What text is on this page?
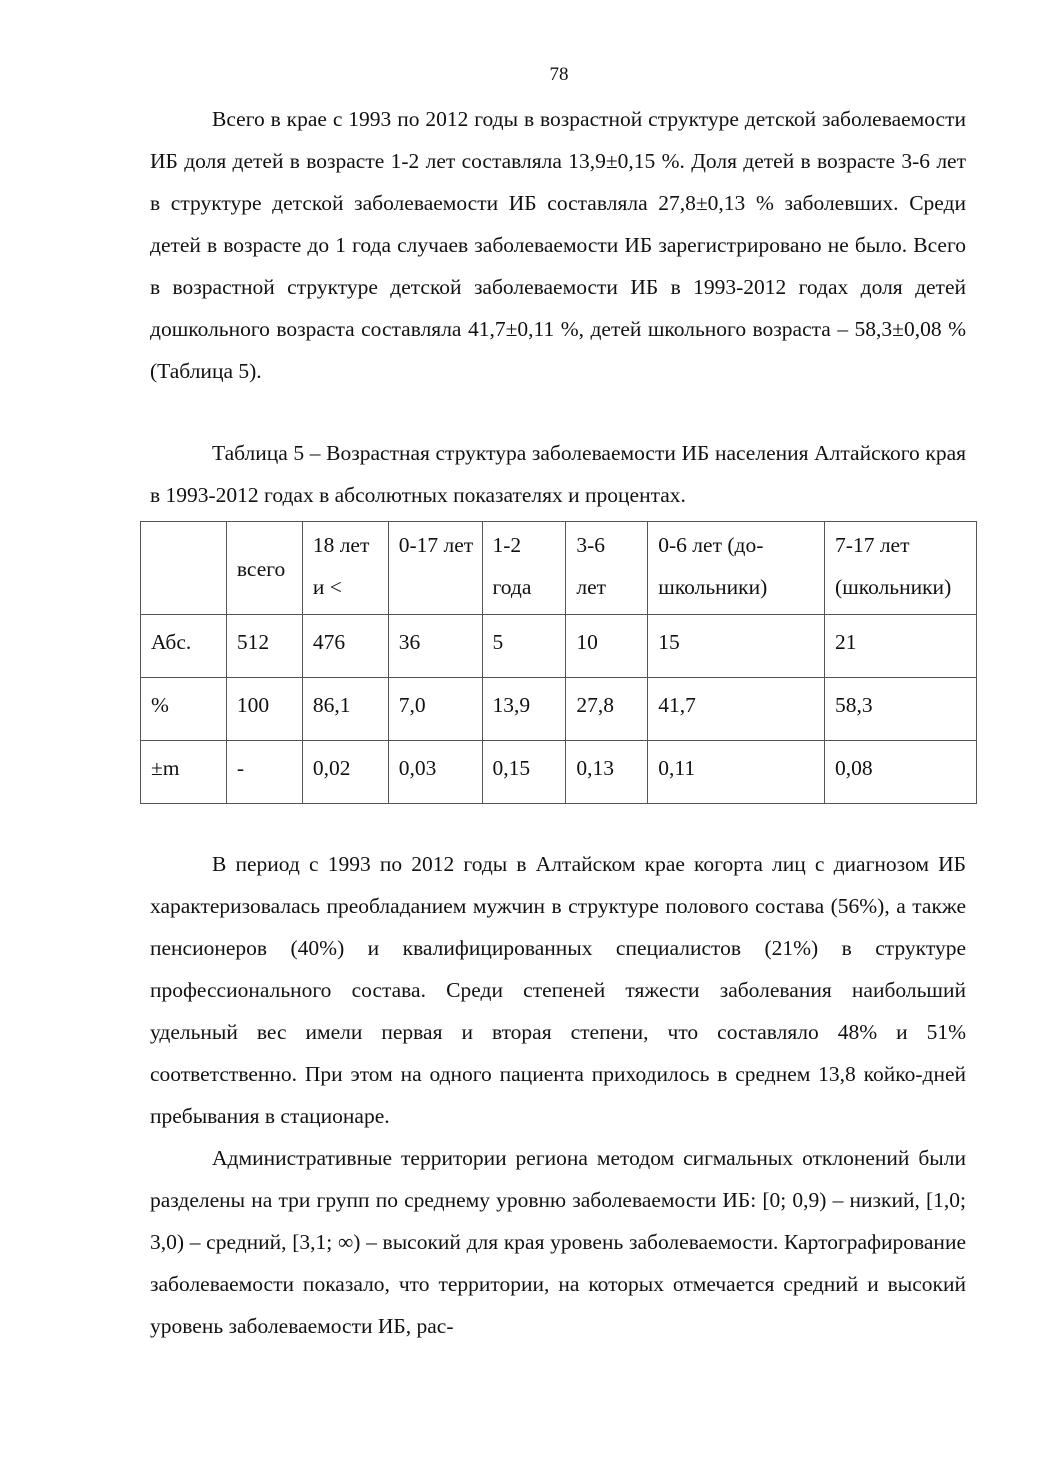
78

Всего в крае с 1993 по 2012 годы в возрастной структуре детской заболеваемости ИБ доля детей в возрасте 1-2 лет составляла 13,9±0,15 %. Доля детей в возрасте 3-6 лет в структуре детской заболеваемости ИБ составляла 27,8±0,13 % заболевших. Среди детей в возрасте до 1 года случаев заболеваемости ИБ зарегистрировано не было. Всего в возрастной структуре детской заболеваемости ИБ в 1993-2012 годах доля детей дошкольного возраста составляла 41,7±0,11 %, детей школьного возраста – 58,3±0,08 % (Таблица 5).

Таблица 5 – Возрастная структура заболеваемости ИБ населения Алтайского края в 1993-2012 годах в абсолютных показателях и процентах.

	всего	18 лет и <	0-17 лет	1-2 года	3-6 лет	0-6 лет (дошкольники)	7-17 лет (школьники)
Абс.	512	476	36	5	10	15	21
%	100	86,1	7,0	13,9	27,8	41,7	58,3
±m	-	0,02	0,03	0,15	0,13	0,11	0,08

В период с 1993 по 2012 годы в Алтайском крае когорта лиц с диагнозом ИБ характеризовалась преобладанием мужчин в структуре полового состава (56%), а также пенсионеров (40%) и квалифицированных специалистов (21%) в структуре профессионального состава. Среди степеней тяжести заболевания наибольший удельный вес имели первая и вторая степени, что составляло 48% и 51% соответственно. При этом на одного пациента приходилось в среднем 13,8 койко-дней пребывания в стационаре.

Административные территории региона методом сигмальных отклонений были разделены на три групп по среднему уровню заболеваемости ИБ: [0; 0,9) – низкий, [1,0; 3,0) – средний, [3,1; ∞) – высокий для края уровень заболеваемости. Картографирование заболеваемости показало, что территории, на которых отмечается средний и высокий уровень заболеваемости ИБ, рас-
